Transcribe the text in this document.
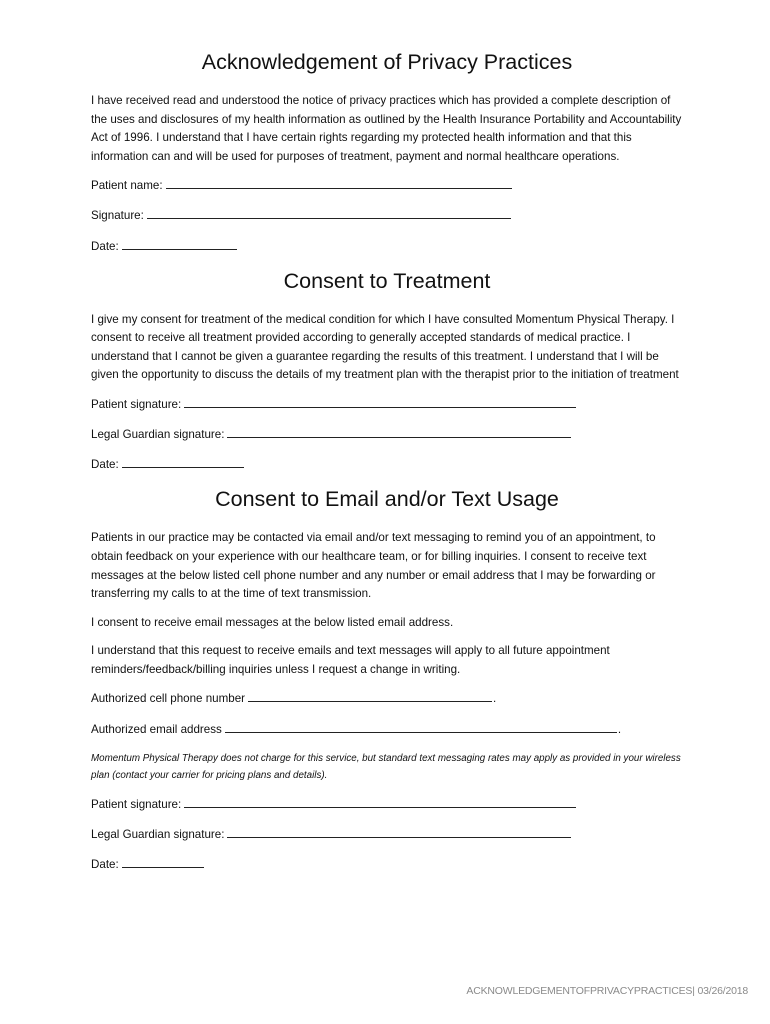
Acknowledgement of Privacy Practices

I have received read and understood the notice of privacy practices which has provided a complete description of the uses and disclosures of my health information as outlined by the Health Insurance Portability and Accountability Act of 1996. I understand that I have certain rights regarding my protected health information and that this information can and will be used for purposes of treatment, payment and normal healthcare operations.

Patient name:
Signature:
Date:
Consent to Treatment

I give my consent for treatment of the medical condition for which I have consulted Momentum Physical Therapy. I consent to receive all treatment provided according to generally accepted standards of medical practice. I understand that I cannot be given a guarantee regarding the results of this treatment. I understand that I will be given the opportunity to discuss the details of my treatment plan with the therapist prior to the initiation of treatment

Patient signature:
Legal Guardian signature:
Date:
Consent to Email and/or Text Usage

Patients in our practice may be contacted via email and/or text messaging to remind you of an appointment, to obtain feedback on your experience with our healthcare team, or for billing inquiries. I consent to receive text messages at the below listed cell phone number and any number or email address that I may be forwarding or transferring my calls to at the time of text transmission.

I consent to receive email messages at the below listed email address.

I understand that this request to receive emails and text messages will apply to all future appointment reminders/feedback/billing inquiries unless I request a change in writing.

Authorized cell phone number	.
Authorized email address	.

Momentum Physical Therapy does not charge for this service, but standard text messaging rates may apply as provided in your wireless plan (contact your carrier for pricing plans and details).

Patient signature:
Legal Guardian signature:
Date:
ACKNOWLEDGEMENTOFPRIVACYPRACTICES| 03/26/2018
